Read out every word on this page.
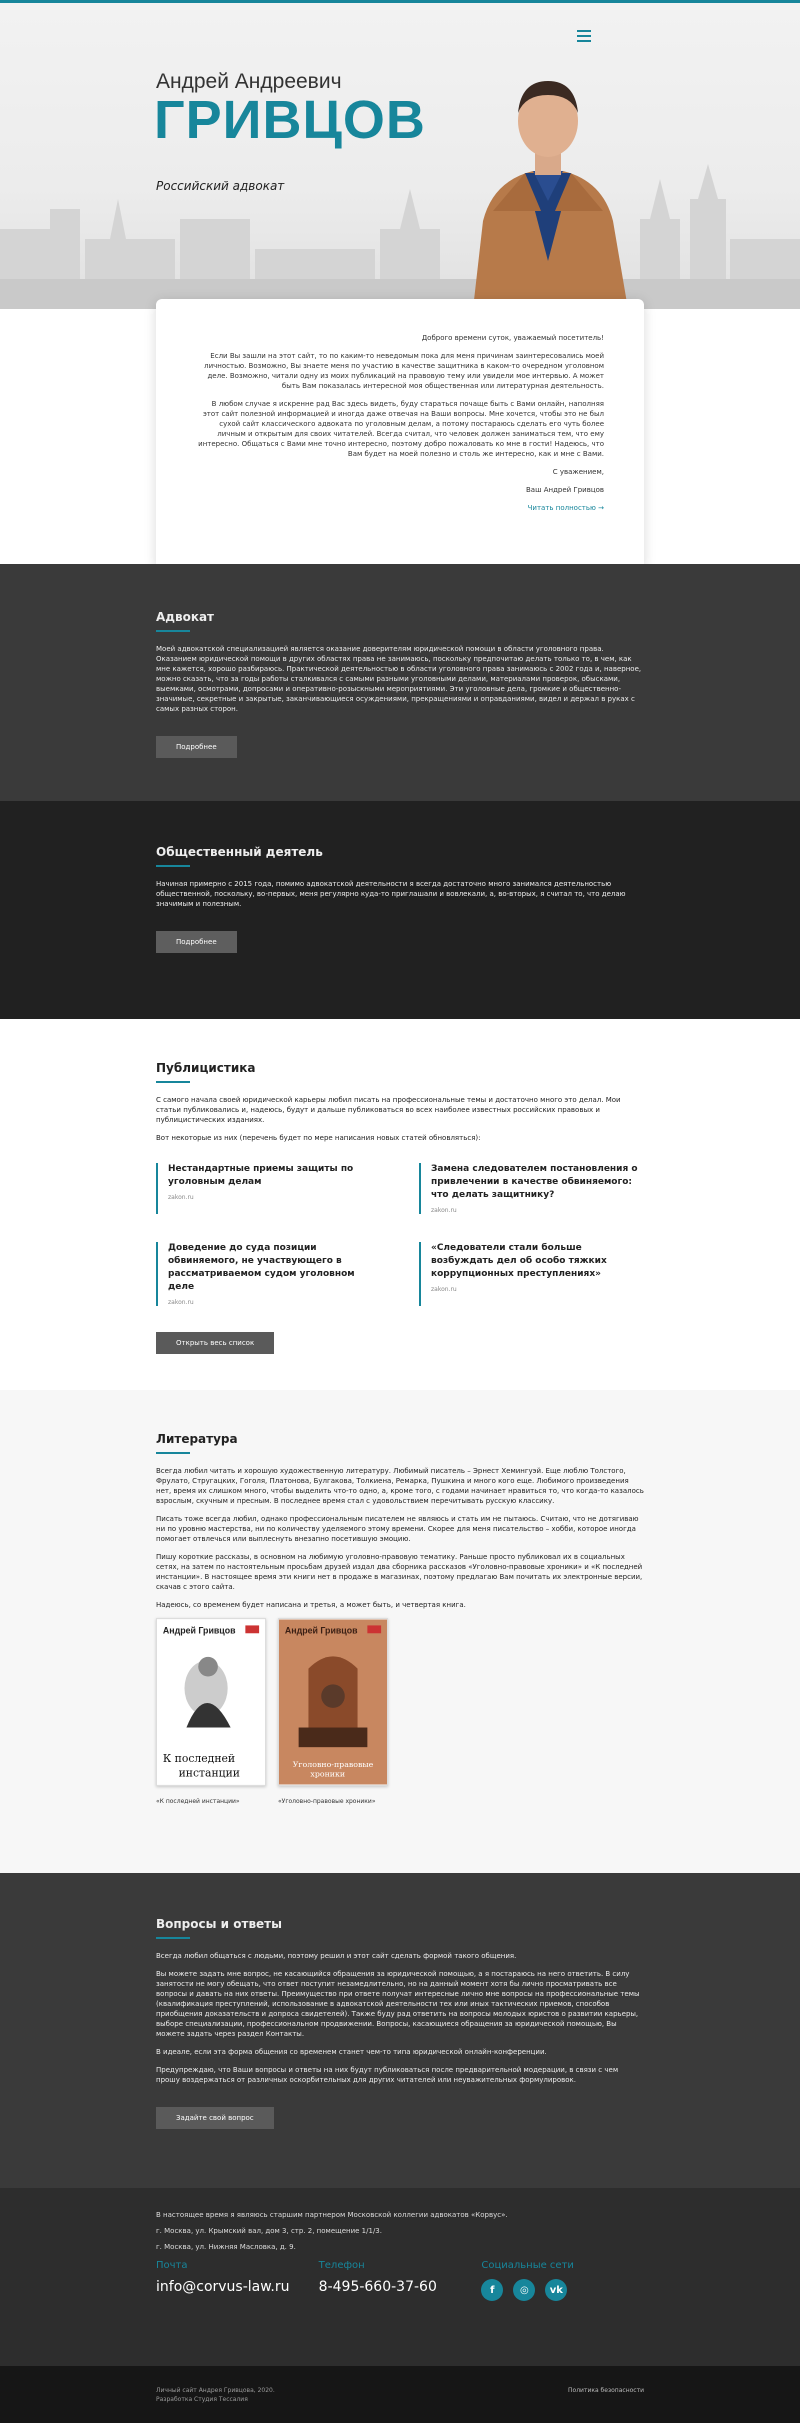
Андрей Андреевич
ГРИВЦОВ
Российский адвокат

Доброго времени суток, уважаемый посетитель!

Если Вы зашли на этот сайт, то по каким-то неведомым пока для меня причинам заинтересовались моей личностью. Возможно, Вы знаете меня по участию в качестве защитника в каком-то очередном уголовном деле. Возможно, читали одну из моих публикаций на правовую тему или увидели мое интервью. А может быть Вам показалась интересной моя общественная или литературная деятельность.

В любом случае я искренне рад Вас здесь видеть, буду стараться почаще быть с Вами онлайн, наполняя этот сайт полезной информацией и иногда даже отвечая на Ваши вопросы. Мне хочется, чтобы это не был сухой сайт классического адвоката по уголовным делам, а потому постараюсь сделать его чуть более личным и открытым для своих читателей. Всегда считал, что человек должен заниматься тем, что ему интересно. Общаться с Вами мне точно интересно, поэтому добро пожаловать ко мне в гости! Надеюсь, что Вам будет на моей полезно и столь же интересно, как и мне с Вами.

С уважением,

Ваш Андрей Гривцов

Читать полностью →

Адвокат

Моей адвокатской специализацией является оказание доверителям юридической помощи в области уголовного права. Оказанием юридической помощи в других областях права не занимаюсь, поскольку предпочитаю делать только то, в чем, как мне кажется, хорошо разбираюсь. Практической деятельностью в области уголовного права занимаюсь с 2002 года и, наверное, можно сказать, что за годы работы сталкивался с самыми разными уголовными делами, материалами проверок, обысками, выемками, осмотрами, допросами и оперативно-розыскными мероприятиями. Эти уголовные дела, громкие и общественно-значимые, секретные и закрытые, заканчивающиеся осуждениями, прекращениями и оправданиями, видел и держал в руках с самых разных сторон.

Подробнее
Общественный деятель

Начиная примерно с 2015 года, помимо адвокатской деятельности я всегда достаточно много занимался деятельностью общественной, поскольку, во-первых, меня регулярно куда-то приглашали и вовлекали, а, во-вторых, я считал то, что делаю значимым и полезным.

Подробнее
Публицистика

С самого начала своей юридической карьеры любил писать на профессиональные темы и достаточно много это делал. Мои статьи публиковались и, надеюсь, будут и дальше публиковаться во всех наиболее известных российских правовых и публицистических изданиях.

Вот некоторые из них (перечень будет по мере написания новых статей обновляться):

Нестандартные приемы защиты по уголовным делам
zakon.ru
Замена следователем постановления о привлечении в качестве обвиняемого: что делать защитнику?
zakon.ru
Доведение до суда позиции обвиняемого, не участвующего в рассматриваемом судом уголовном деле
zakon.ru
«Следователи стали больше возбуждать дел об особо тяжких коррупционных преступлениях»
zakon.ru
Открыть весь список
Литература

Всегда любил читать и хорошую художественную литературу. Любимый писатель – Эрнест Хемингуэй. Еще люблю Толстого, Фрулато, Стругацких, Гоголя, Платонова, Булгакова, Толкиена, Ремарка, Пушкина и много кого еще. Любимого произведения нет, время их слишком много, чтобы выделить что-то одно, а, кроме того, с годами начинает нравиться то, что когда-то казалось взрослым, скучным и пресным. В последнее время стал с удовольствием перечитывать русскую классику.

Писать тоже всегда любил, однако профессиональным писателем не являюсь и стать им не пытаюсь. Считаю, что не дотягиваю ни по уровню мастерства, ни по количеству уделяемого этому времени. Скорее для меня писательство – хобби, которое иногда помогает отвлечься или выплеснуть внезапно посетившую эмоцию.

Пишу короткие рассказы, в основном на любимую уголовно-правовую тематику. Раньше просто публиковал их в социальных сетях, на затем по настоятельным просьбам друзей издал два сборника рассказов «Уголовно-правовые хроники» и «К последней инстанции». В настоящее время эти книги нет в продаже в магазинах, поэтому предлагаю Вам почитать их электронные версии, скачав с этого сайта.

Надеюсь, со временем будет написана и третья, а может быть, и четвертая книга.

Андрей Гривцов
К последней
инстанции
«К последней инстанции»
Андрей Гривцов
Уголовно-правовые
хроники
«Уголовно-правовые хроники»
Вопросы и ответы

Всегда любил общаться с людьми, поэтому решил и этот сайт сделать формой такого общения.

Вы можете задать мне вопрос, не касающийся обращения за юридической помощью, а я постараюсь на него ответить. В силу занятости не могу обещать, что ответ поступит незамедлительно, но на данный момент хотя бы лично просматривать все вопросы и давать на них ответы. Преимущество при ответе получат интересные лично мне вопросы на профессиональные темы (квалификация преступлений, использование в адвокатской деятельности тех или иных тактических приемов, способов приобщения доказательств и допроса свидетелей). Также буду рад ответить на вопросы молодых юристов о развитии карьеры, выборе специализации, профессиональном продвижении. Вопросы, касающиеся обращения за юридической помощью, Вы можете задать через раздел Контакты.

В идеале, если эта форма общения со временем станет чем-то типа юридической онлайн-конференции.

Предупреждаю, что Ваши вопросы и ответы на них будут публиковаться после предварительной модерации, в связи с чем прошу воздержаться от различных оскорбительных для других читателей или неуважительных формулировок.

Задайте свой вопрос

В настоящее время я являюсь старшим партнером Московской коллегии адвокатов «Корвус».

г. Москва, ул. Крымский вал, дом 3, стр. 2, помещение 1/1/3.

г. Москва, ул. Нижняя Масловка, д. 9.

Почта
info@corvus-law.ru
Телефон
8-495-660-37-60
Социальные сети
f	◎	vk
Личный сайт Андрея Гривцова, 2020.
Разработка Студия Тессалия
Политика безопасности
